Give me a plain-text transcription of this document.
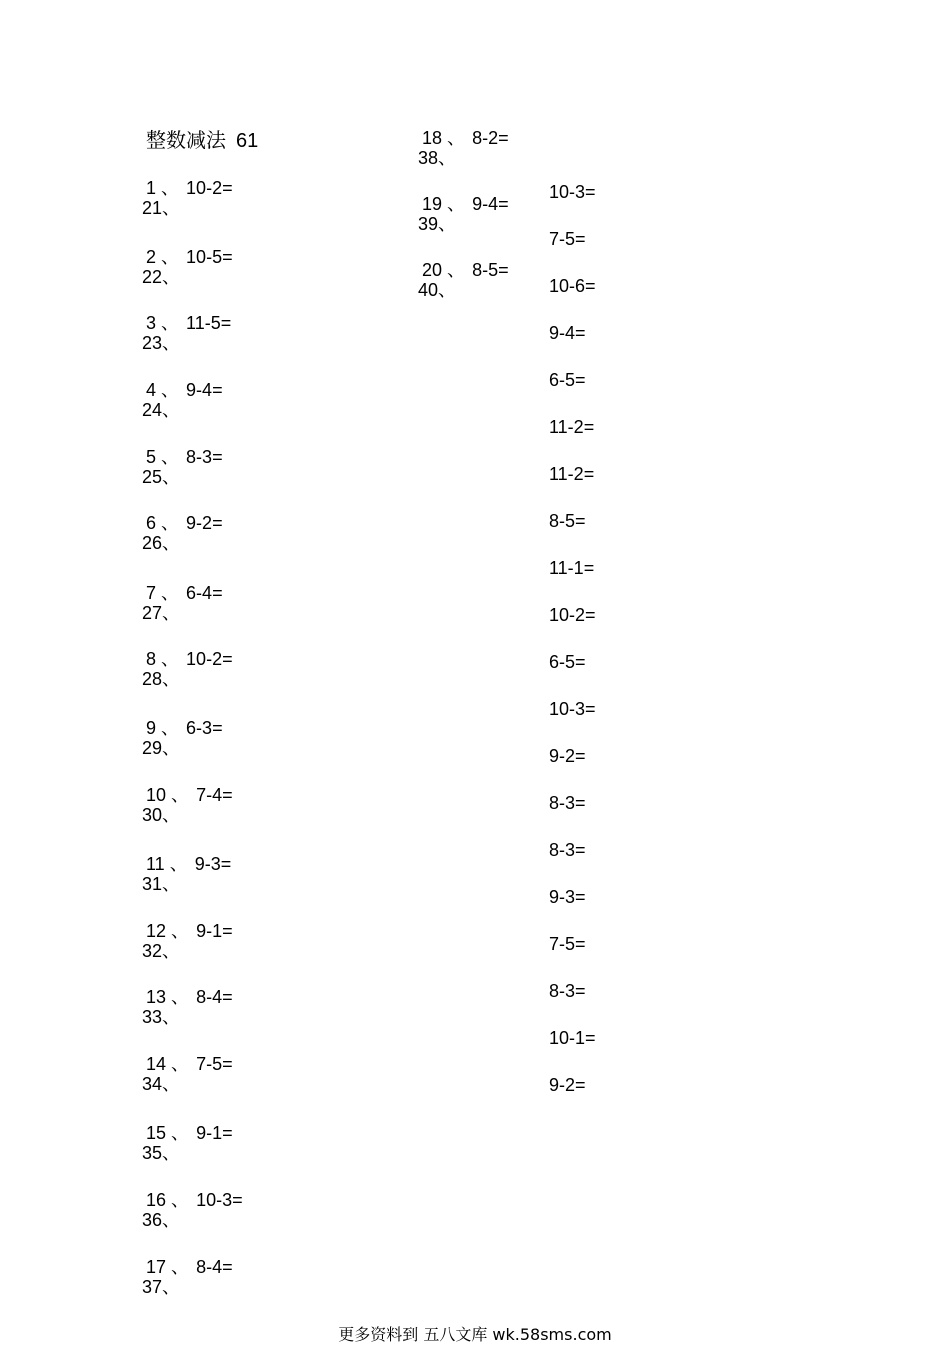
整数减法 61
1 、 10-2=
21、
2 、 10-5=
22、
3 、 11-5=
23、
4 、 9-4=
24、
5 、 8-3=
25、
6 、 9-2=
26、
7 、 6-4=
27、
8 、 10-2=
28、
9 、 6-3=
29、
10 、 7-4=
30、
11 、 9-3=
31、
12 、 9-1=
32、
13 、 8-4=
33、
14 、 7-5=
34、
15 、 9-1=
35、
16 、 10-3=
36、
17 、 8-4=
37、
18 、 8-2=
38、
19 、 9-4=
39、
20 、 8-5=
40、
10-3=
7-5=
10-6=
9-4=
6-5=
11-2=
11-2=
8-5=
11-1=
10-2=
6-5=
10-3=
9-2=
8-3=
8-3=
9-3=
7-5=
8-3=
10-1=
9-2=
更多资料到 五八文库 wk.58sms.com
